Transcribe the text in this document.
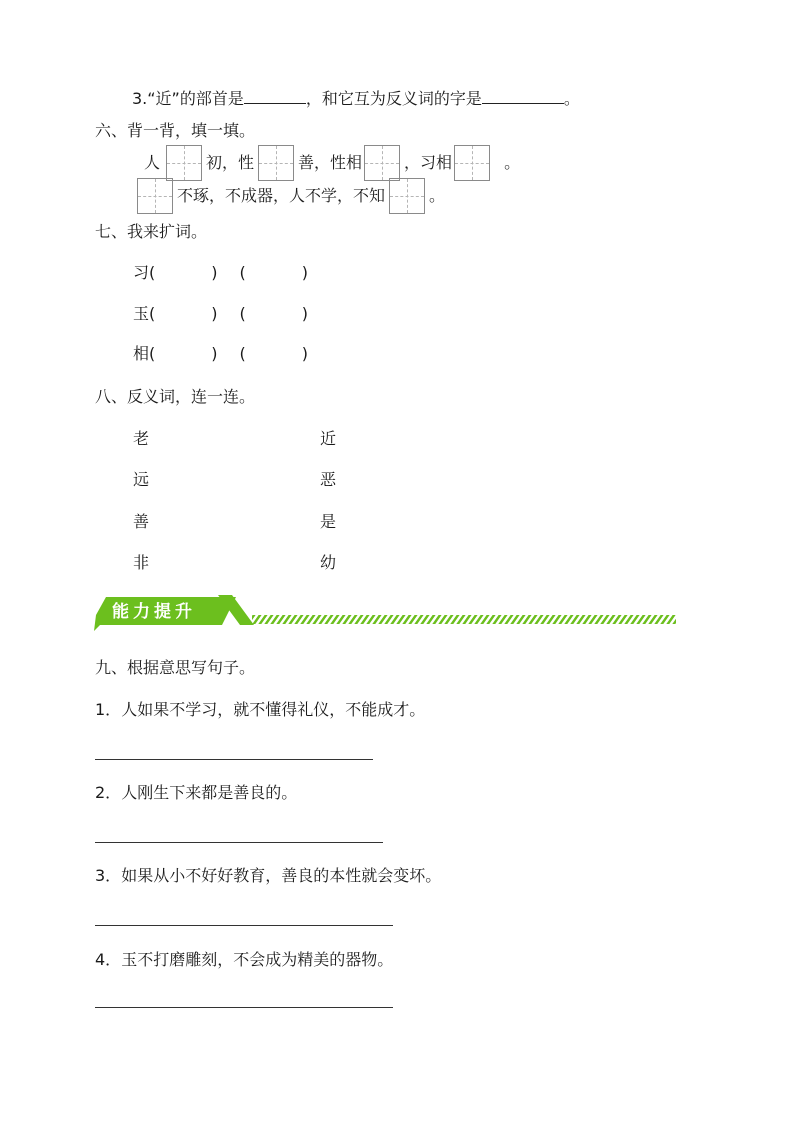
3.“近”的部首是	，和它互为反义词的字是	。
六、背一背，填一填。
人	初，性	善，性相	，习相	。
不琢，不成器，人不学，不知	。
七、我来扩词。
习(	) (	)
玉(	) (	)
相(	) (	)
八、反义词，连一连。
老	近
远	恶
善	是
非	幼
能力提升
九、根据意思写句子。
1．人如果不学习，就不懂得礼仪，不能成才。
2．人刚生下来都是善良的。
3．如果从小不好好教育，善良的本性就会变坏。
4．玉不打磨雕刻，不会成为精美的器物。
